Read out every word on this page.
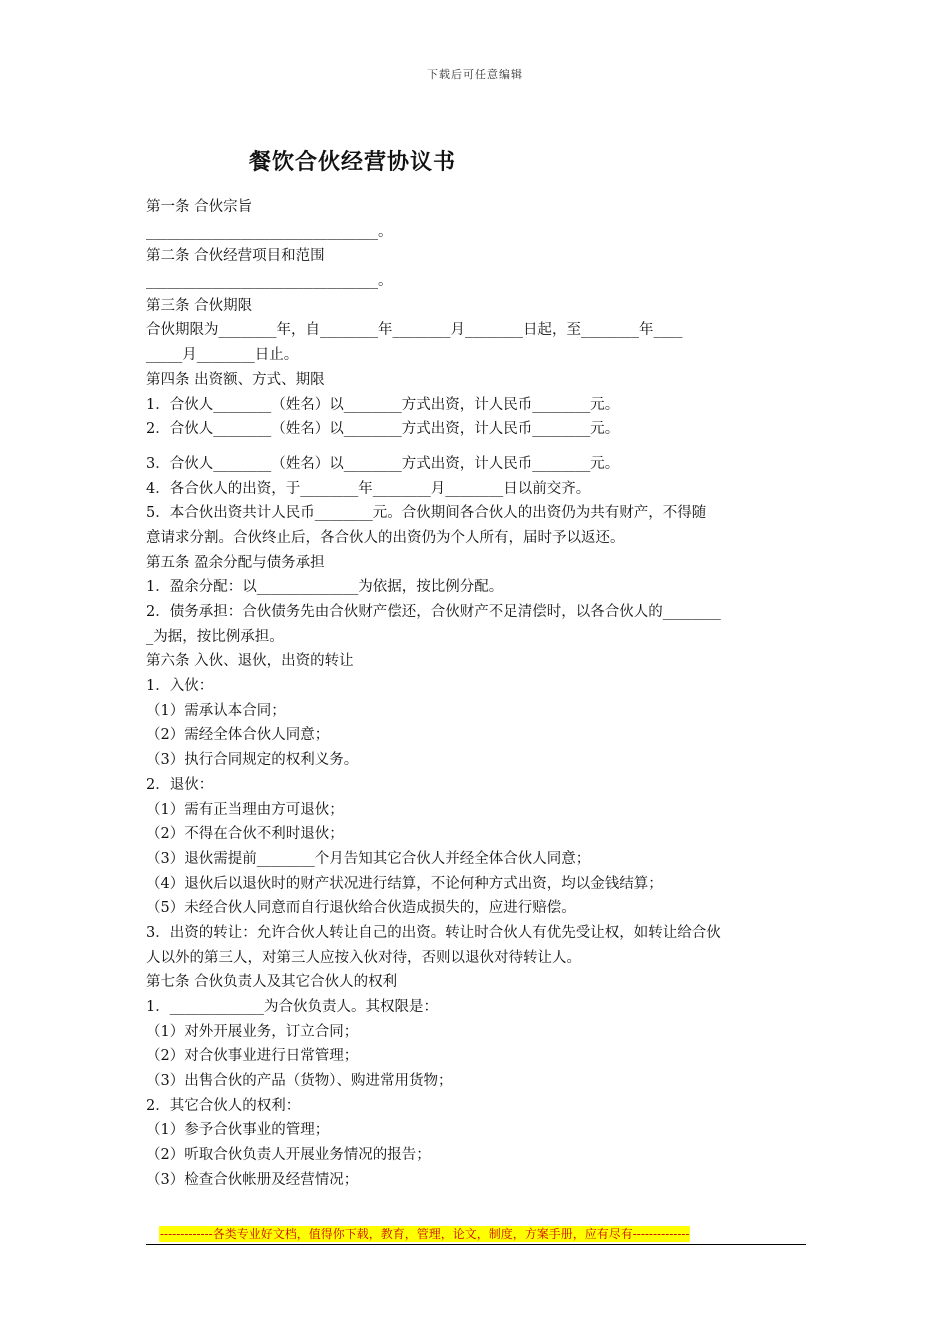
下载后可任意编辑
餐饮合伙经营协议书
第一条 合伙宗旨
________________________________。
第二条 合伙经营项目和范围
________________________________。
第三条 合伙期限
合伙期限为________年，自________年________月________日起，至________年____
_____月________日止。
第四条 出资额、方式、期限
1．合伙人________（姓名）以________方式出资，计人民币________元。
2．合伙人________（姓名）以________方式出资，计人民币________元。
3．合伙人________（姓名）以________方式出资，计人民币________元。
4．各合伙人的出资，于________年________月________日以前交齐。
5．本合伙出资共计人民币________元。合伙期间各合伙人的出资仍为共有财产，不得随
意请求分割。合伙终止后，各合伙人的出资仍为个人所有，届时予以返还。
第五条 盈余分配与债务承担
1．盈余分配：以______________为依据，按比例分配。
2．债务承担：合伙债务先由合伙财产偿还，合伙财产不足清偿时，以各合伙人的________
_为据，按比例承担。
第六条 入伙、退伙，出资的转让
1．入伙：
（1）需承认本合同；
（2）需经全体合伙人同意；
（3）执行合同规定的权利义务。
2．退伙：
（1）需有正当理由方可退伙；
（2）不得在合伙不利时退伙；
（3）退伙需提前________个月告知其它合伙人并经全体合伙人同意；
（4）退伙后以退伙时的财产状况进行结算，不论何种方式出资，均以金钱结算；
（5）未经合伙人同意而自行退伙给合伙造成损失的，应进行赔偿。
3．出资的转让：允许合伙人转让自己的出资。转让时合伙人有优先受让权，如转让给合伙
人以外的第三人，对第三人应按入伙对待，否则以退伙对待转让人。
第七条 合伙负责人及其它合伙人的权利
1．_____________为合伙负责人。其权限是：
（1）对外开展业务，订立合同；
（2）对合伙事业进行日常管理；
（3）出售合伙的产品（货物）、购进常用货物；
2．其它合伙人的权利：
（1）参予合伙事业的管理；
（2）听取合伙负责人开展业务情况的报告；
（3）检查合伙帐册及经营情况；
-------------各类专业好文档，值得你下载，教育，管理，论文，制度，方案手册，应有尽有--------------
